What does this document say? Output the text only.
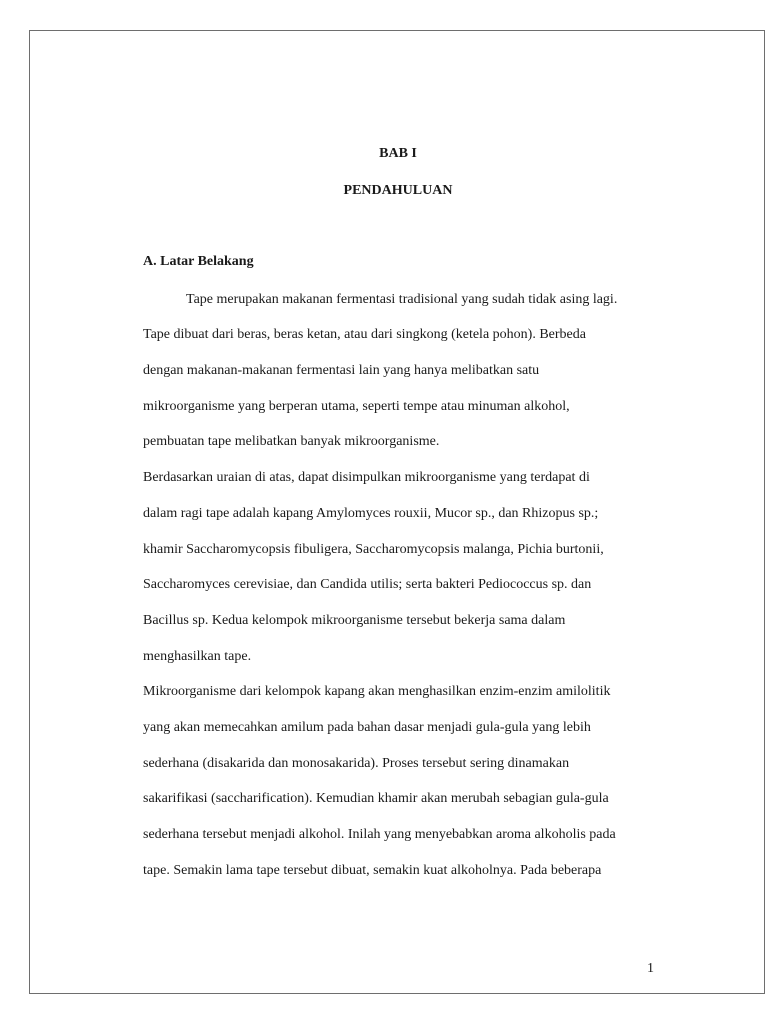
BAB I
PENDAHULUAN
A. Latar Belakang
Tape merupakan makanan fermentasi tradisional yang sudah tidak asing lagi.
Tape dibuat dari beras, beras ketan, atau dari singkong (ketela pohon). Berbeda
dengan makanan-makanan fermentasi lain yang hanya melibatkan satu
mikroorganisme yang berperan utama, seperti tempe atau minuman alkohol,
pembuatan tape melibatkan banyak mikroorganisme.
Berdasarkan uraian di atas, dapat disimpulkan mikroorganisme yang terdapat di
dalam ragi tape adalah kapang Amylomyces rouxii, Mucor sp., dan Rhizopus sp.;
khamir Saccharomycopsis fibuligera, Saccharomycopsis malanga, Pichia burtonii,
Saccharomyces cerevisiae, dan Candida utilis; serta bakteri Pediococcus sp. dan
Bacillus sp. Kedua kelompok mikroorganisme tersebut bekerja sama dalam
menghasilkan tape.
Mikroorganisme dari kelompok kapang akan menghasilkan enzim-enzim amilolitik
yang akan memecahkan amilum pada bahan dasar menjadi gula-gula yang lebih
sederhana (disakarida dan monosakarida). Proses tersebut sering dinamakan
sakarifikasi (saccharification). Kemudian khamir akan merubah sebagian gula-gula
sederhana tersebut menjadi alkohol. Inilah yang menyebabkan aroma alkoholis pada
tape. Semakin lama tape tersebut dibuat, semakin kuat alkoholnya. Pada beberapa
1
